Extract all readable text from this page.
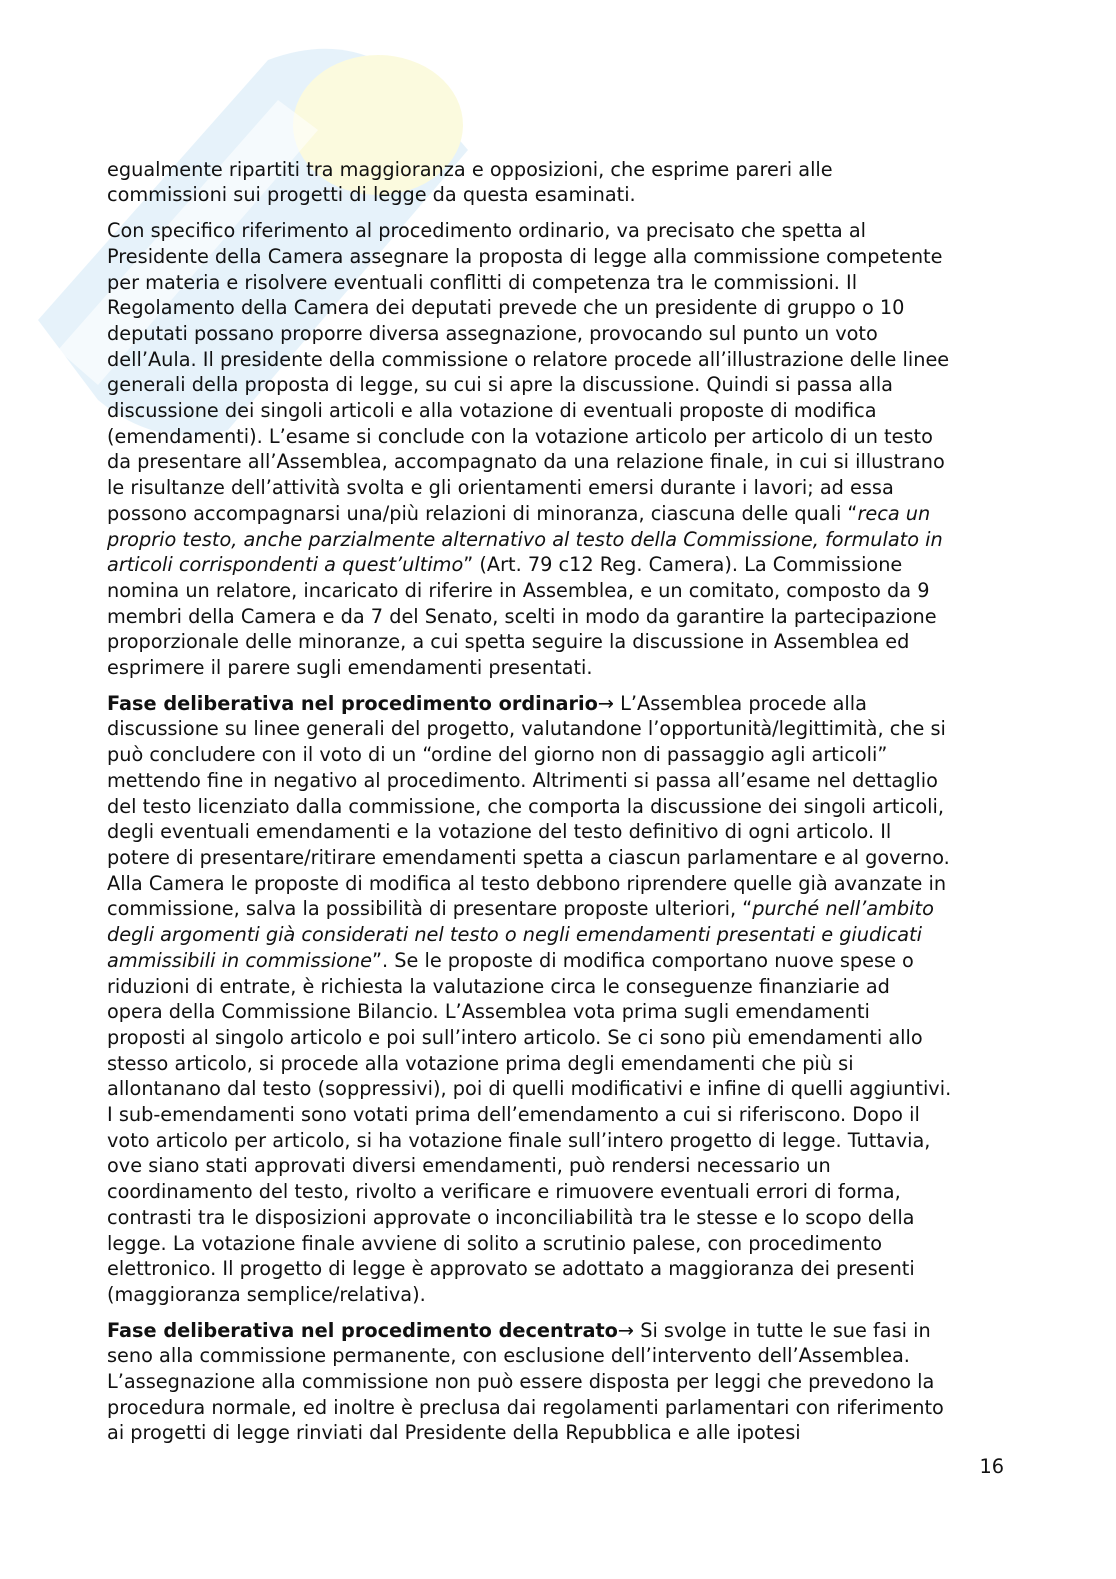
egualmente ripartiti tra maggioranza e opposizioni, che esprime pareri alle
commissioni sui progetti di legge da questa esaminati.

Con specifico riferimento al procedimento ordinario, va precisato che spetta al
Presidente della Camera assegnare la proposta di legge alla commissione competente
per materia e risolvere eventuali conflitti di competenza tra le commissioni. Il
Regolamento della Camera dei deputati prevede che un presidente di gruppo o 10
deputati possano proporre diversa assegnazione, provocando sul punto un voto
dell’Aula. Il presidente della commissione o relatore procede all’illustrazione delle linee
generali della proposta di legge, su cui si apre la discussione. Quindi si passa alla
discussione dei singoli articoli e alla votazione di eventuali proposte di modifica
(emendamenti). L’esame si conclude con la votazione articolo per articolo di un testo
da presentare all’Assemblea, accompagnato da una relazione finale, in cui si illustrano
le risultanze dell’attività svolta e gli orientamenti emersi durante i lavori; ad essa
possono accompagnarsi una/più relazioni di minoranza, ciascuna delle quali “reca un
proprio testo, anche parzialmente alternativo al testo della Commissione, formulato in
articoli corrispondenti a quest’ultimo” (Art. 79 c12 Reg. Camera). La Commissione
nomina un relatore, incaricato di riferire in Assemblea, e un comitato, composto da 9
membri della Camera e da 7 del Senato, scelti in modo da garantire la partecipazione
proporzionale delle minoranze, a cui spetta seguire la discussione in Assemblea ed
esprimere il parere sugli emendamenti presentati.

Fase deliberativa nel procedimento ordinario→ L’Assemblea procede alla
discussione su linee generali del progetto, valutandone l’opportunità/legittimità, che si
può concludere con il voto di un “ordine del giorno non di passaggio agli articoli”
mettendo fine in negativo al procedimento. Altrimenti si passa all’esame nel dettaglio
del testo licenziato dalla commissione, che comporta la discussione dei singoli articoli,
degli eventuali emendamenti e la votazione del testo definitivo di ogni articolo. Il
potere di presentare/ritirare emendamenti spetta a ciascun parlamentare e al governo.
Alla Camera le proposte di modifica al testo debbono riprendere quelle già avanzate in
commissione, salva la possibilità di presentare proposte ulteriori, “purché nell’ambito
degli argomenti già considerati nel testo o negli emendamenti presentati e giudicati
ammissibili in commissione”. Se le proposte di modifica comportano nuove spese o
riduzioni di entrate, è richiesta la valutazione circa le conseguenze finanziarie ad
opera della Commissione Bilancio. L’Assemblea vota prima sugli emendamenti
proposti al singolo articolo e poi sull’intero articolo. Se ci sono più emendamenti allo
stesso articolo, si procede alla votazione prima degli emendamenti che più si
allontanano dal testo (soppressivi), poi di quelli modificativi e infine di quelli aggiuntivi.
I sub-emendamenti sono votati prima dell’emendamento a cui si riferiscono. Dopo il
voto articolo per articolo, si ha votazione finale sull’intero progetto di legge. Tuttavia,
ove siano stati approvati diversi emendamenti, può rendersi necessario un
coordinamento del testo, rivolto a verificare e rimuovere eventuali errori di forma,
contrasti tra le disposizioni approvate o inconciliabilità tra le stesse e lo scopo della
legge. La votazione finale avviene di solito a scrutinio palese, con procedimento
elettronico. Il progetto di legge è approvato se adottato a maggioranza dei presenti
(maggioranza semplice/relativa).

Fase deliberativa nel procedimento decentrato→ Si svolge in tutte le sue fasi in
seno alla commissione permanente, con esclusione dell’intervento dell’Assemblea.
L’assegnazione alla commissione non può essere disposta per leggi che prevedono la
procedura normale, ed inoltre è preclusa dai regolamenti parlamentari con riferimento
ai progetti di legge rinviati dal Presidente della Repubblica e alle ipotesi

16
